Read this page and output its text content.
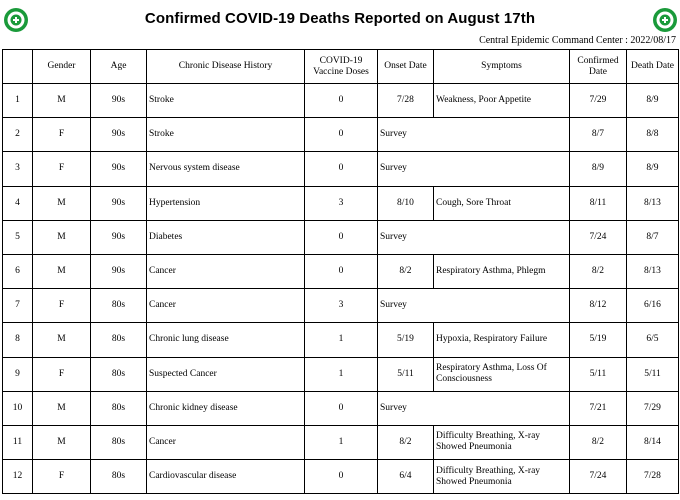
Confirmed COVID-19 Deaths Reported on August 17th
Central Epidemic Command Center : 2022/08/17
	Gender	Age	Chronic Disease History	COVID-19 Vaccine Doses	Onset Date	Symptoms	Confirmed Date	Death Date
1	M	90s	Stroke	0	7/28	Weakness, Poor Appetite	7/29	8/9
2	F	90s	Stroke	0	Survey		8/7	8/8
3	F	90s	Nervous system disease	0	Survey		8/9	8/9
4	M	90s	Hypertension	3	8/10	Cough, Sore Throat	8/11	8/13
5	M	90s	Diabetes	0	Survey		7/24	8/7
6	M	90s	Cancer	0	8/2	Respiratory Asthma, Phlegm	8/2	8/13
7	F	80s	Cancer	3	Survey		8/12	6/16
8	M	80s	Chronic lung disease	1	5/19	Hypoxia, Respiratory Failure	5/19	6/5
9	F	80s	Suspected Cancer	1	5/11	Respiratory Asthma, Loss Of Consciousness	5/11	5/11
10	M	80s	Chronic kidney disease	0	Survey		7/21	7/29
11	M	80s	Cancer	1	8/2	Difficulty Breathing, X-ray Showed Pneumonia	8/2	8/14
12	F	80s	Cardiovascular disease	0	6/4	Difficulty Breathing, X-ray Showed Pneumonia	7/24	7/28
